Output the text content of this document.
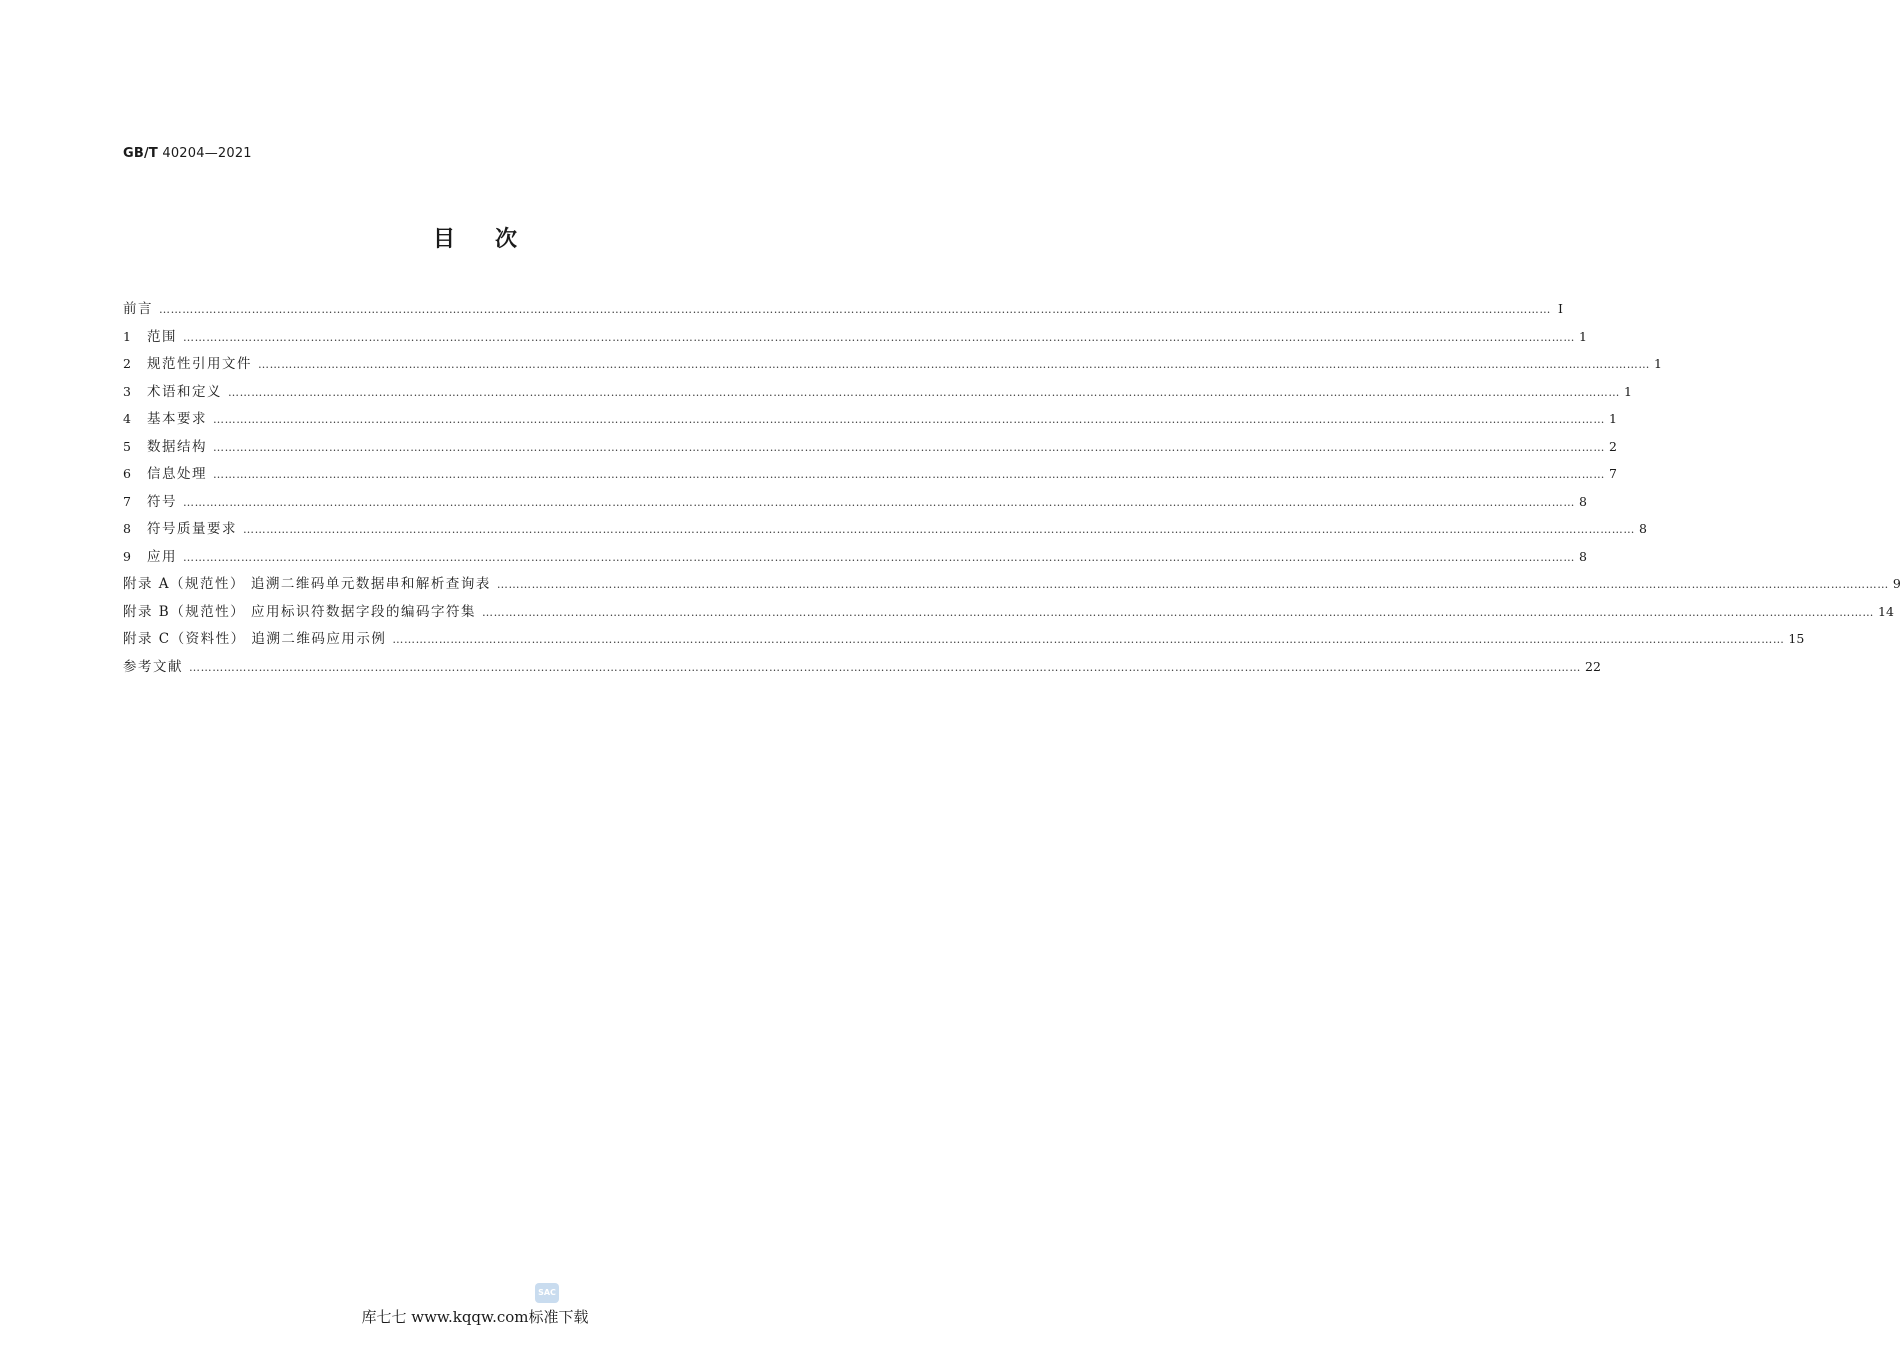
GB/T 40204—2021
目次
前言 ……………………………………………………………………………………………………………………………………………………………………………………………………………………………………………………………………………………………………………………………… Ⅰ
1	范围 ……………………………………………………………………………………………………………………………………………………………………………………………………………………………………………………………………………………………………………………………… 1
2	规范性引用文件 ……………………………………………………………………………………………………………………………………………………………………………………………………………………………………………………………………………………………………………………………… 1
3	术语和定义 ……………………………………………………………………………………………………………………………………………………………………………………………………………………………………………………………………………………………………………………………… 1
4	基本要求 ……………………………………………………………………………………………………………………………………………………………………………………………………………………………………………………………………………………………………………………………… 1
5	数据结构 ……………………………………………………………………………………………………………………………………………………………………………………………………………………………………………………………………………………………………………………………… 2
6	信息处理 ……………………………………………………………………………………………………………………………………………………………………………………………………………………………………………………………………………………………………………………………… 7
7	符号 ……………………………………………………………………………………………………………………………………………………………………………………………………………………………………………………………………………………………………………………………… 8
8	符号质量要求 ……………………………………………………………………………………………………………………………………………………………………………………………………………………………………………………………………………………………………………………………… 8
9	应用 ……………………………………………………………………………………………………………………………………………………………………………………………………………………………………………………………………………………………………………………………… 8
附录 A（规范性） 追溯二维码单元数据串和解析查询表 ……………………………………………………………………………………………………………………………………………………………………………………………………………………………………………………………………………………………………………………………… 9
附录 B（规范性） 应用标识符数据字段的编码字符集 ……………………………………………………………………………………………………………………………………………………………………………………………………………………………………………………………………………………………………………………………… 14
附录 C（资料性） 追溯二维码应用示例 ……………………………………………………………………………………………………………………………………………………………………………………………………………………………………………………………………………………………………………………………… 15
参考文献 ……………………………………………………………………………………………………………………………………………………………………………………………………………………………………………………………………………………………………………………………… 22
SAC
库七七 www.kqqw.com标准下载
